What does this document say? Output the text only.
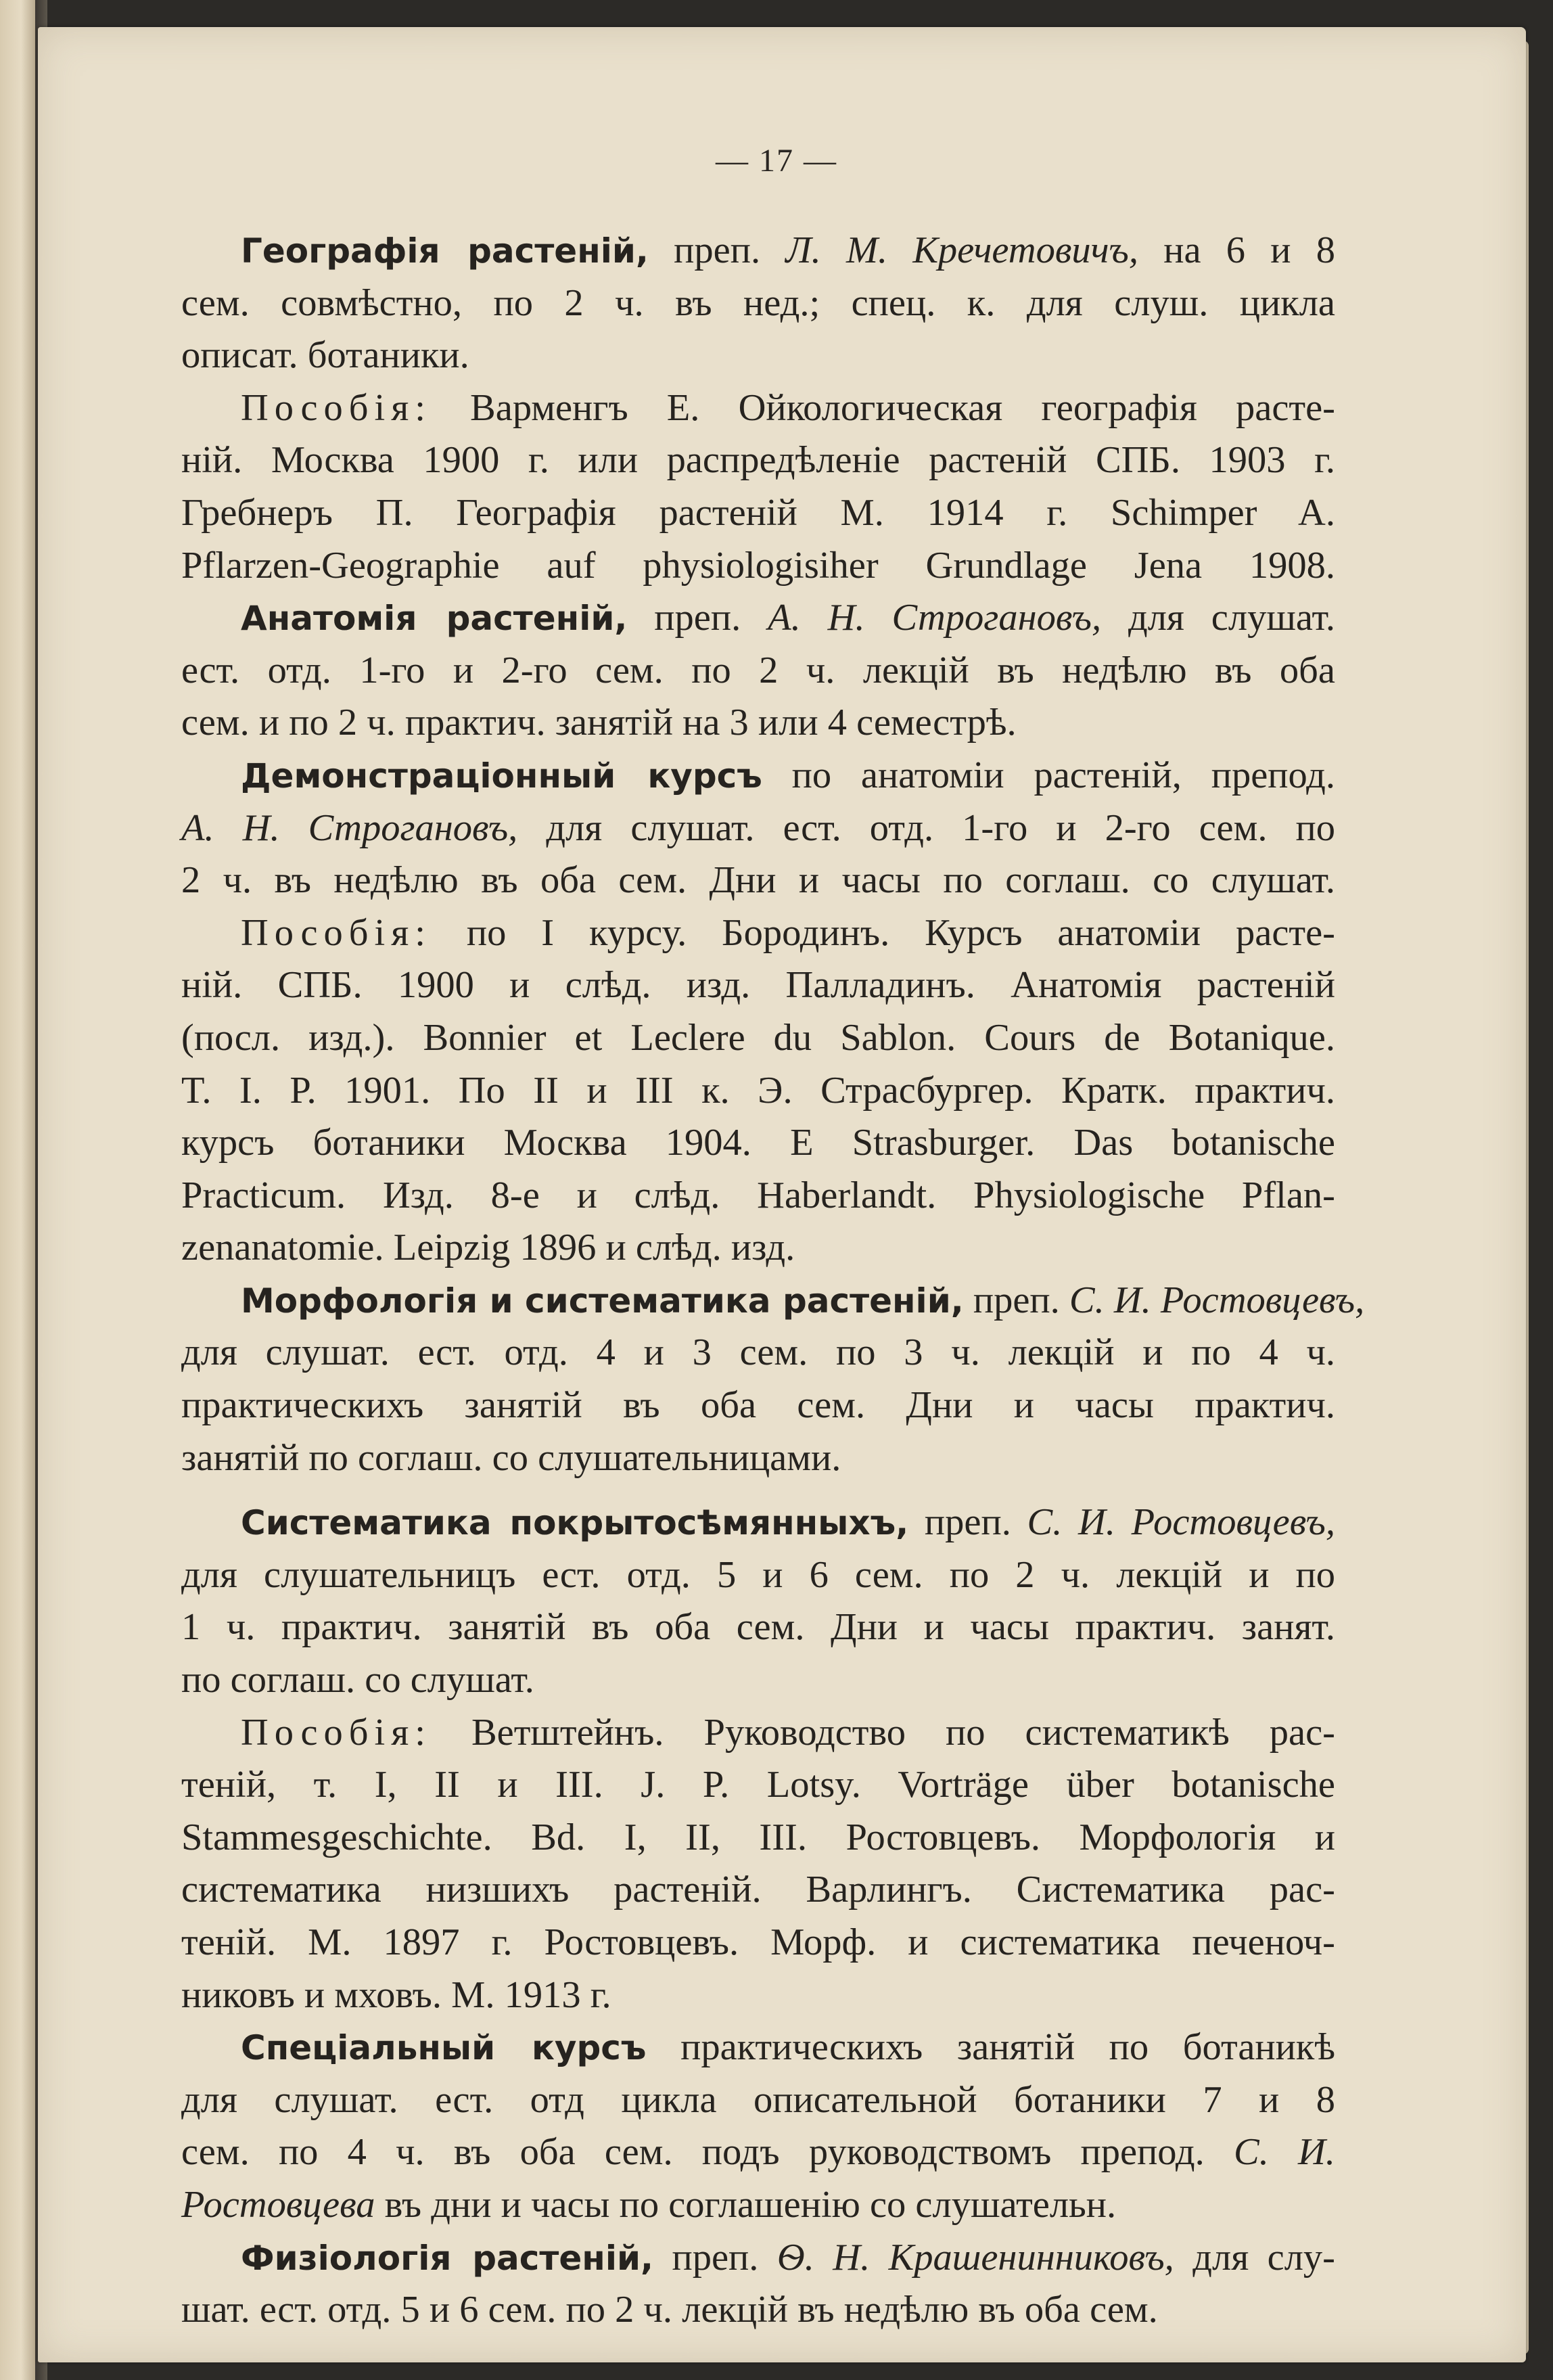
— 17 —
Географія растеній, преп. Л. М. Кречетовичъ, на 6 и 8
сем. совмѣстно, по 2 ч. въ нед.; спец. к. для слуш. цикла
описат. ботаники.
Пособія: Варменгъ Е. Ойкологическая географія расте-
ній. Москва 1900 г. или распредѣленіе растеній СПБ. 1903 г.
Гребнеръ П. Географія растеній М. 1914 г. Schimper A.
Pflarzen-Geographie auf physiologisiher Grundlage Jena 1908.
Анатомія растеній, преп. А. Н. Строгановъ, для слушат.
ест. отд. 1-го и 2-го сем. по 2 ч. лекцій въ недѣлю въ оба
сем. и по 2 ч. практич. занятій на 3 или 4 семестрѣ.
Демонстраціонный курсъ по анатоміи растеній, препод.
А. Н. Строгановъ, для слушат. ест. отд. 1-го и 2-го сем. по
2 ч. въ недѣлю въ оба сем. Дни и часы по соглаш. со слушат.
Пособія: по I курсу. Бородинъ. Курсъ анатоміи расте-
ній. СПБ. 1900 и слѣд. изд. Палладинъ. Анатомія растеній
(посл. изд.). Bonnier et Leclere du Sablon. Cours de Botanique.
T. I. P. 1901. По II и III к. Э. Страсбургер. Кратк. практич.
курсъ ботаники Москва 1904. E Strasburger. Das botanische
Practicum. Изд. 8-е и слѣд. Haberlandt. Physiologische Pflan-
zenanatomie. Leipzig 1896 и слѣд. изд.
Морфологія и систематика растеній, преп. С. И. Ростовцевъ,
для слушат. ест. отд. 4 и 3 сем. по 3 ч. лекцій и по 4 ч.
практическихъ занятій въ оба сем. Дни и часы практич.
занятій по соглаш. со слушательницами.
Систематика покрытосѣмянныхъ, преп. С. И. Ростовцевъ,
для слушательницъ ест. отд. 5 и 6 сем. по 2 ч. лекцій и по
1 ч. практич. занятій въ оба сем. Дни и часы практич. занят.
по соглаш. со слушат.
Пособія: Ветштейнъ. Руководство по систематикѣ рас-
теній, т. I, II и III. J. P. Lotsy. Vorträge über botanische
Stammesgeschichte. Bd. I, II, III. Ростовцевъ. Морфологія и
систематика низшихъ растеній. Варлингъ. Систематика рас-
теній. М. 1897 г. Ростовцевъ. Морф. и систематика печеноч-
никовъ и мховъ. М. 1913 г.
Спеціальный курсъ практическихъ занятій по ботаникѣ
для слушат. ест. отд цикла описательной ботаники 7 и 8
сем. по 4 ч. въ оба сем. подъ руководствомъ препод. С. И.
Ростовцева въ дни и часы по соглашенію со слушательн.
Физіологія растеній, преп. Ѳ. Н. Крашенинниковъ, для слу-
шат. ест. отд. 5 и 6 сем. по 2 ч. лекцій въ недѣлю въ оба сем.
